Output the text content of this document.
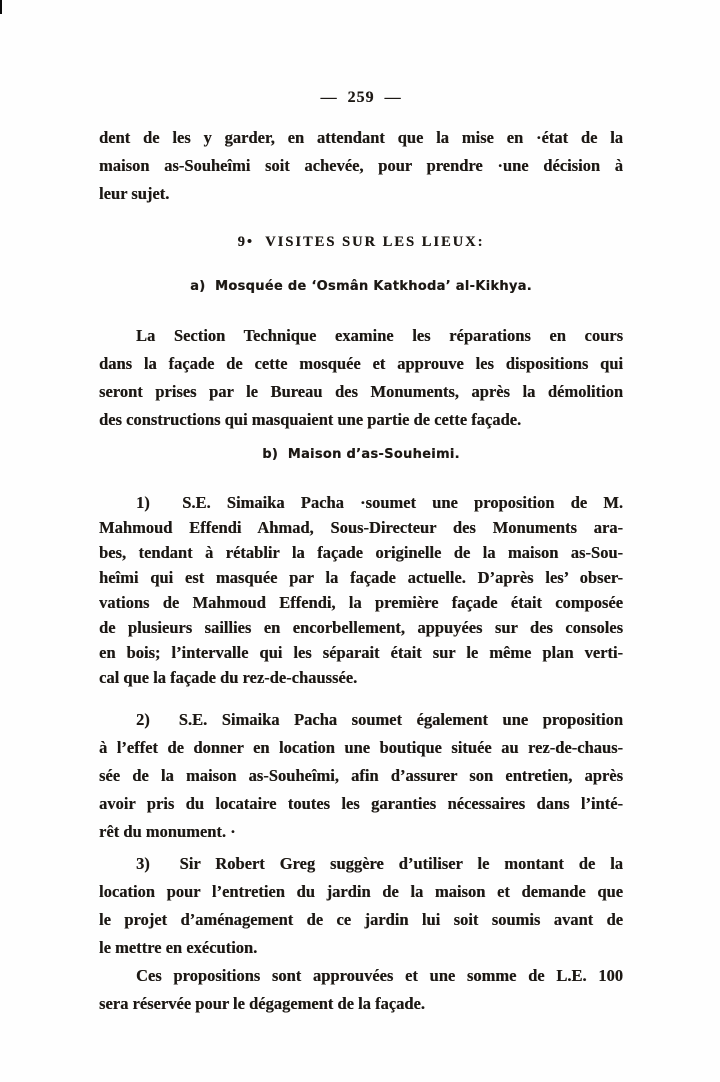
— 259 —
dent de les y garder, en attendant que la mise en ·état de la
maison as-Souheîmi soit achevée, pour prendre ·une décision à
leur sujet.
9•  VISITES SUR LES LIEUX:
a)  Mosquée de ‘Osmân Katkhoda’ al-Kikhya.
La Section Technique examine les réparations en cours
dans la façade de cette mosquée et approuve les dispositions qui
seront prises par le Bureau des Monuments, après la démolition
des constructions qui masquaient une partie de cette façade.
b)  Maison d’as-Souheimi.
1)  S.E. Simaika Pacha ·soumet une proposition de M.
Mahmoud Effendi Ahmad, Sous-Directeur des Monuments ara-
bes, tendant à rétablir la façade originelle de la maison as-Sou-
heîmi qui est masquée par la façade actuelle. D’après les’ obser-
vations de Mahmoud Effendi, la première façade était composée
de plusieurs saillies en encorbellement, appuyées sur des consoles
en bois; l’intervalle qui les séparait était sur le même plan verti-
cal que la façade du rez-de-chaussée.
2)  S.E. Simaika Pacha soumet également une proposition
à l’effet de donner en location une boutique située au rez-de-chaus-
sée de la maison as-Souheîmi, afin d’assurer son entretien, après
avoir pris du locataire toutes les garanties nécessaires dans l’inté-
rêt du monument. ·
3)  Sir Robert Greg suggère d’utiliser le montant de la
location pour l’entretien du jardin de la maison et demande que
le projet d’aménagement de ce jardin lui soit soumis avant de
le mettre en exécution.
Ces propositions sont approuvées et une somme de L.E. 100
sera réservée pour le dégagement de la façade.
